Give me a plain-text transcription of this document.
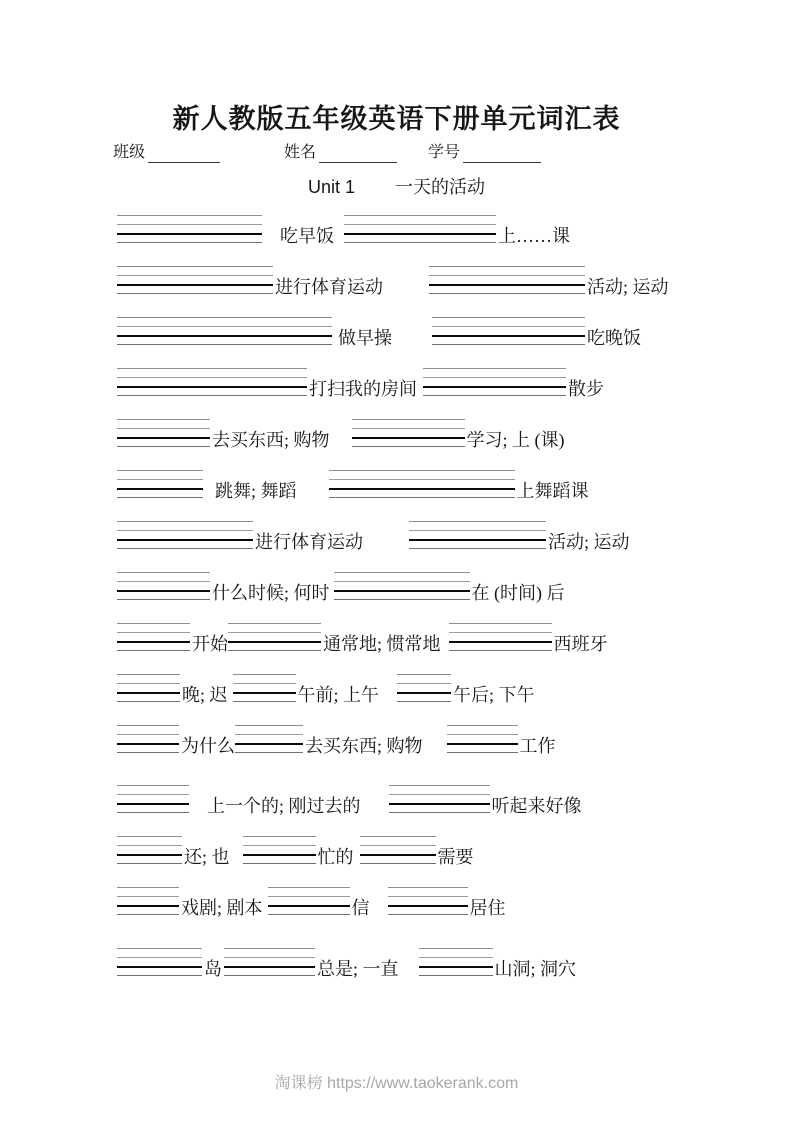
新人教版五年级英语下册单元词汇表
班级	姓名	学号
Unit 1 一天的活动
吃早饭	上……课
进行体育运动	活动; 运动
做早操	吃晚饭
打扫我的房间	散步
去买东西; 购物	学习; 上 (课)
跳舞; 舞蹈	上舞蹈课
进行体育运动	活动; 运动
什么时候; 何时	在 (时间) 后
开始	通常地; 惯常地	西班牙
晚; 迟	午前; 上午	午后; 下午
为什么	去买东西; 购物	工作
上一个的; 刚过去的	听起来好像
还; 也	忙的	需要
戏剧; 剧本	信	居住
岛	总是; 一直	山洞; 洞穴
淘课榜 https://www.taokerank.com
